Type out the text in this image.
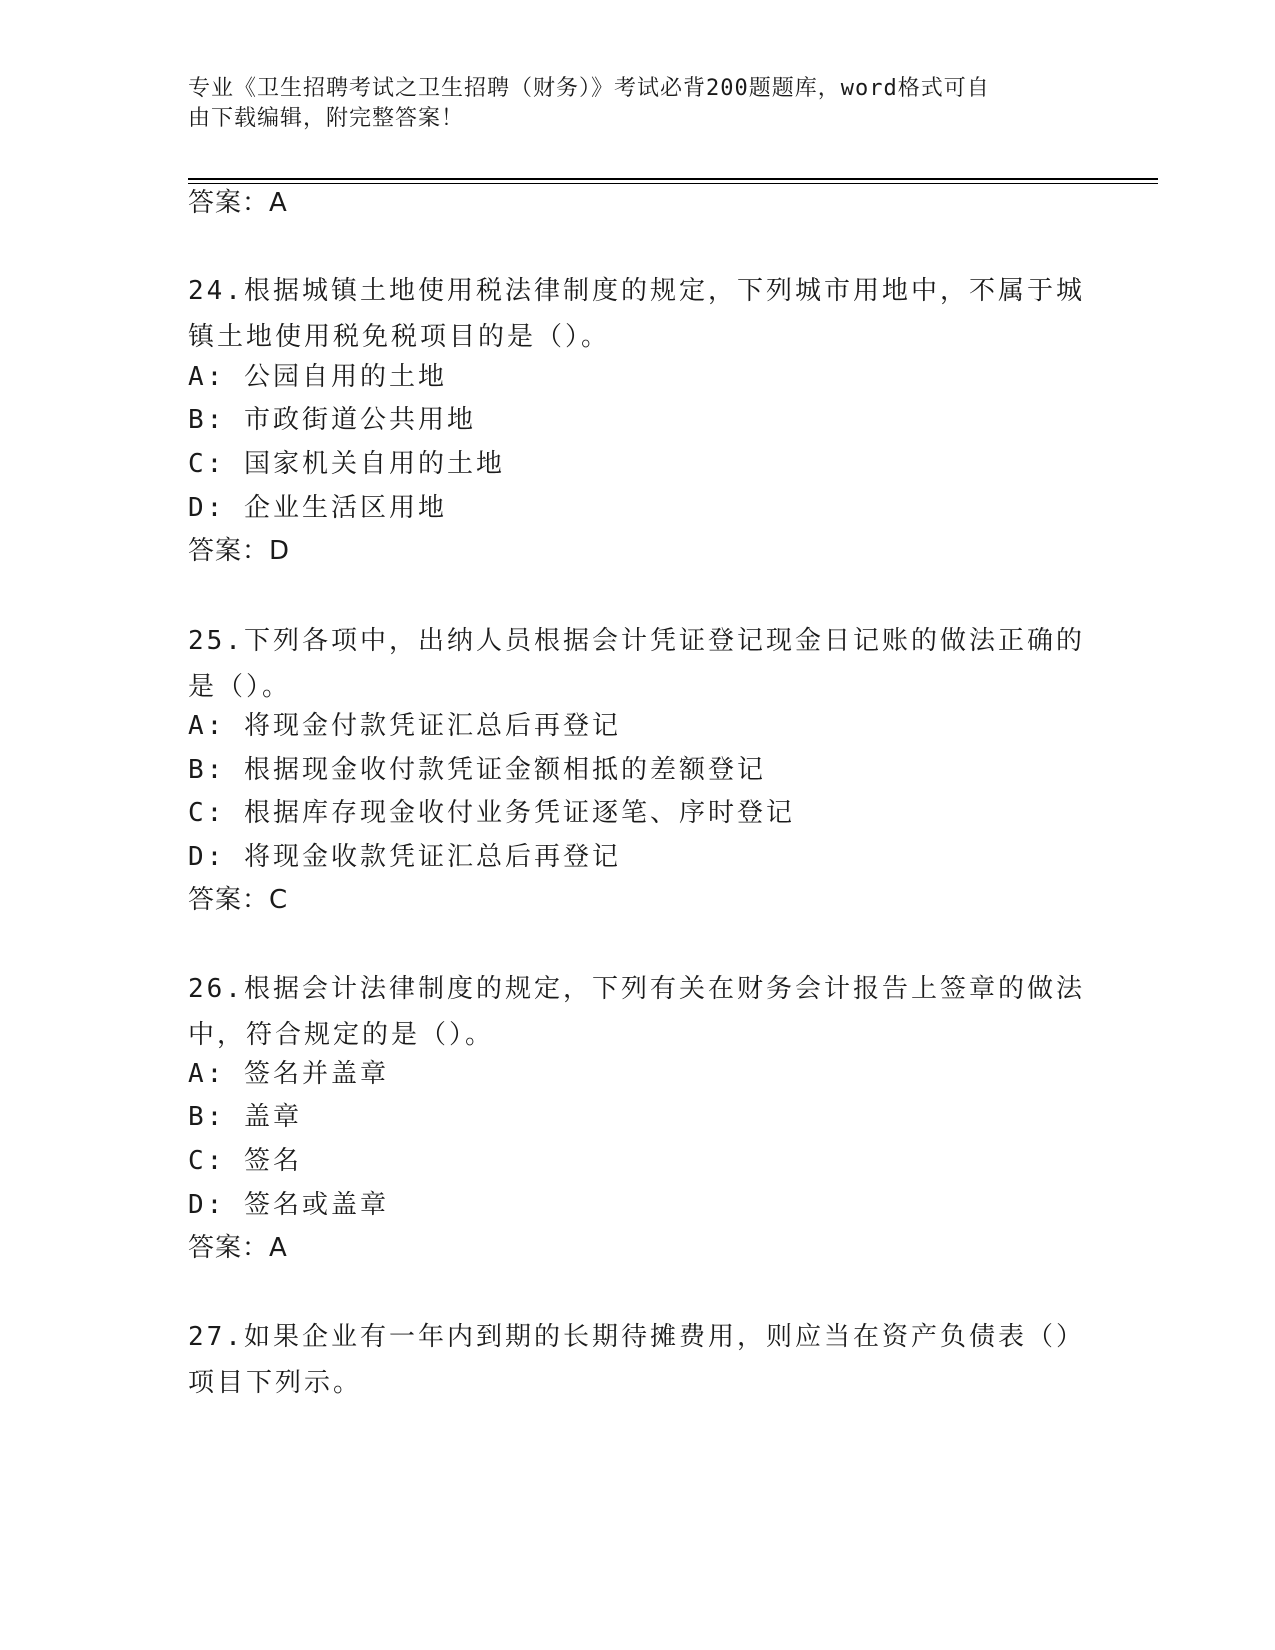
专业《卫生招聘考试之卫生招聘（财务）》考试必背200题题库，word格式可自
由下载编辑，附完整答案！
答案：A
24.根据城镇土地使用税法律制度的规定，下列城市用地中，不属于城
镇土地使用税免税项目的是（）。
A: 公园自用的土地
B: 市政街道公共用地
C: 国家机关自用的土地
D: 企业生活区用地
答案：D
25.下列各项中，出纳人员根据会计凭证登记现金日记账的做法正确的
是（）。
A: 将现金付款凭证汇总后再登记
B: 根据现金收付款凭证金额相抵的差额登记
C: 根据库存现金收付业务凭证逐笔、序时登记
D: 将现金收款凭证汇总后再登记
答案：C
26.根据会计法律制度的规定，下列有关在财务会计报告上签章的做法
中，符合规定的是（）。
A: 签名并盖章
B: 盖章
C: 签名
D: 签名或盖章
答案：A
27.如果企业有一年内到期的长期待摊费用，则应当在资产负债表（）
项目下列示。
